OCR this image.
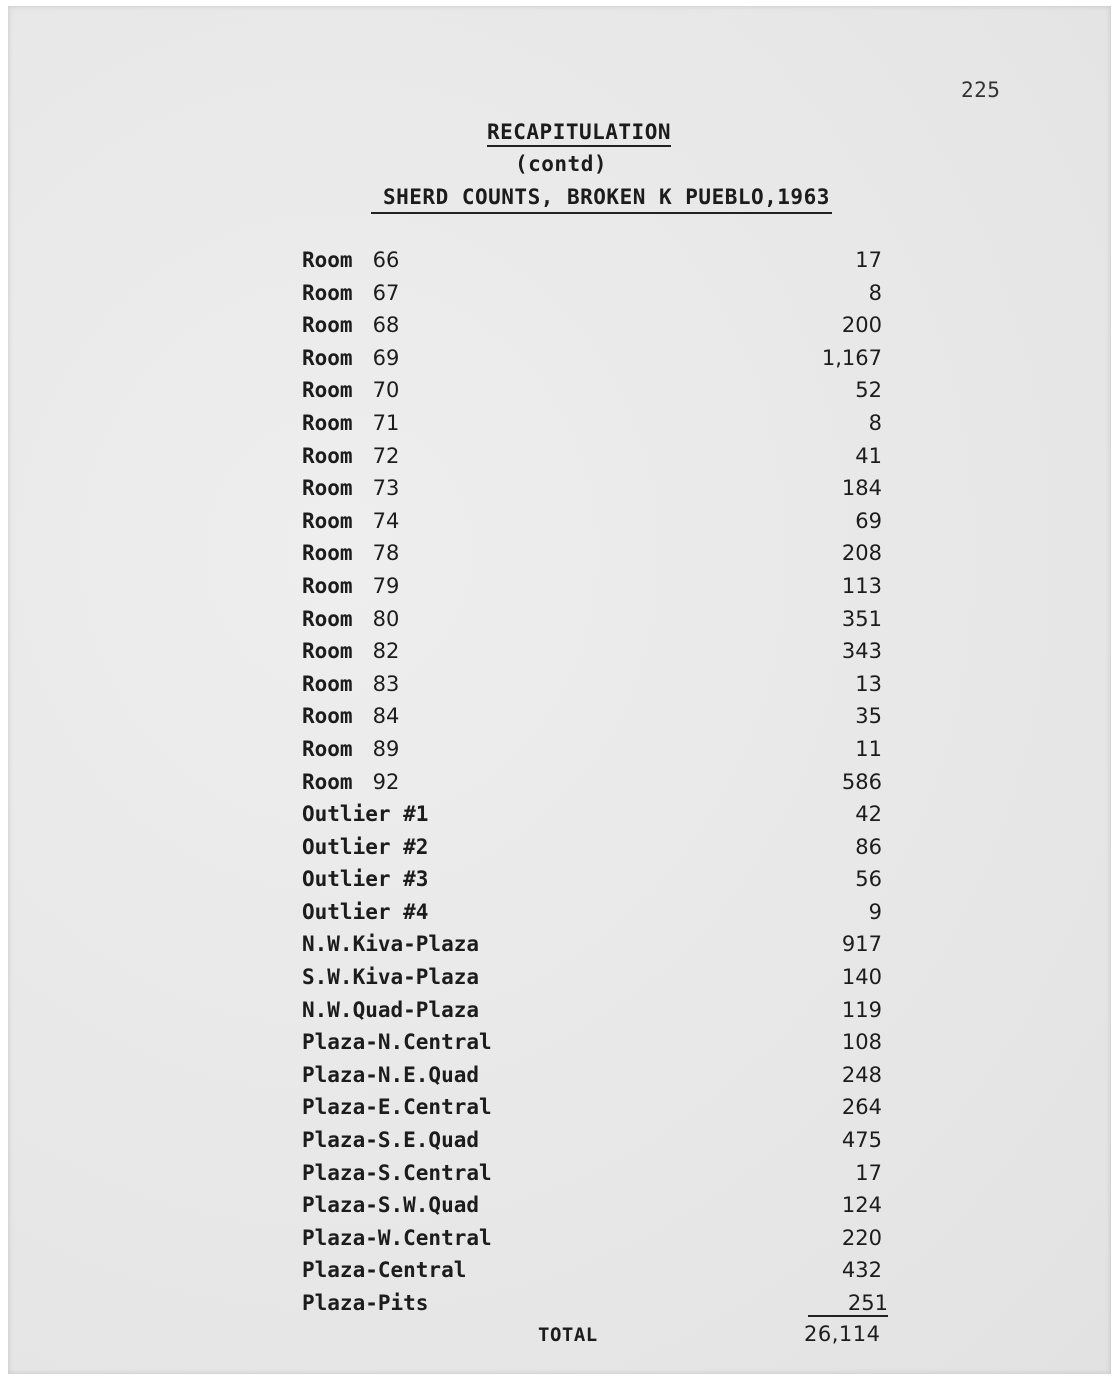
225
RECAPITULATION
(contd)
SHERD COUNTS, BROKEN K PUEBLO,1963
Room 66	17
Room 67	8
Room 68	200
Room 69	1,167
Room 70	52
Room 71	8
Room 72	41
Room 73	184
Room 74	69
Room 78	208
Room 79	113
Room 80	351
Room 82	343
Room 83	13
Room 84	35
Room 89	11
Room 92	586
Outlier #1	42
Outlier #2	86
Outlier #3	56
Outlier #4	9
N.W.Kiva-Plaza	917
S.W.Kiva-Plaza	140
N.W.Quad-Plaza	119
Plaza-N.Central	108
Plaza-N.E.Quad	248
Plaza-E.Central	264
Plaza-S.E.Quad	475
Plaza-S.Central	17
Plaza-S.W.Quad	124
Plaza-W.Central	220
Plaza-Central	432
Plaza-Pits	251
TOTAL	26,114
